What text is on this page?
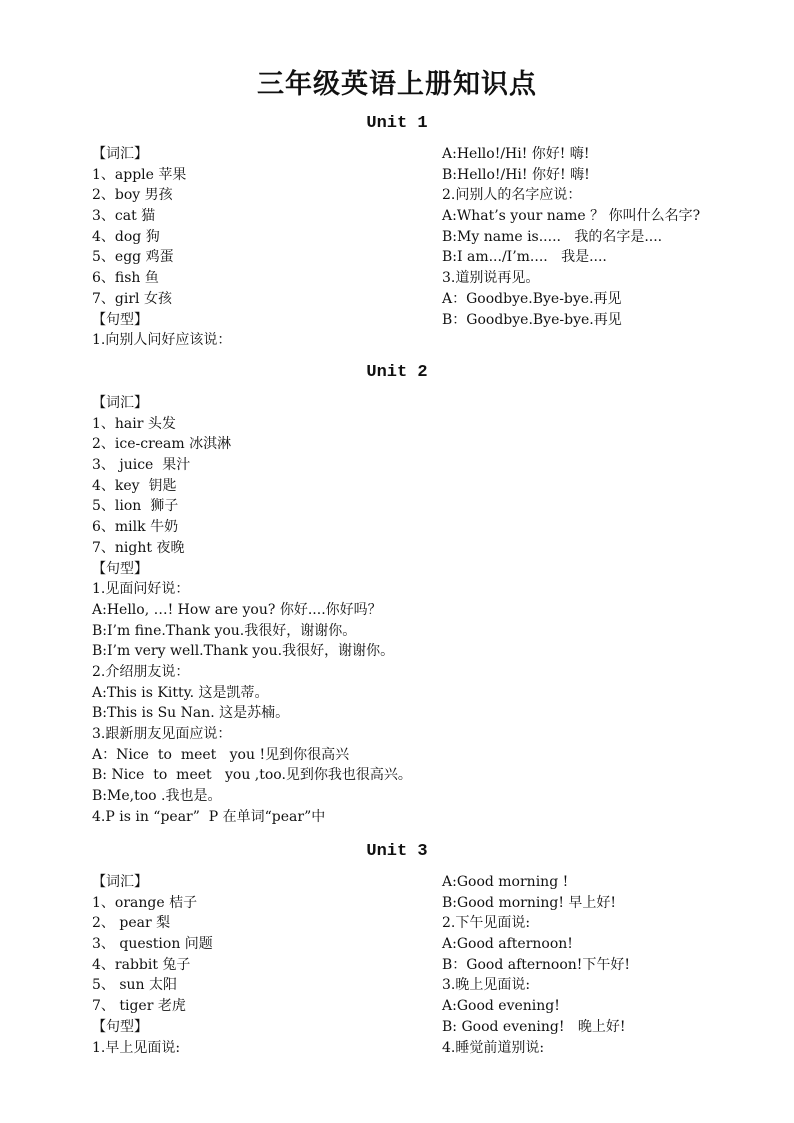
三年级英语上册知识点
Unit 1
【词汇】
1、apple 苹果
2、boy 男孩
3、cat 猫
4、dog 狗
5、egg 鸡蛋
6、fish 鱼
7、girl 女孩
【句型】
1.向别人问好应该说：
A:Hello!/Hi! 你好! 嗨!
B:Hello!/Hi! 你好! 嗨!
2.问别人的名字应说：
A:What’s your name ？ 你叫什么名字?
B:My name is.....   我的名字是....
B:I am.../I’m....   我是....
3.道别说再见。
A：Goodbye.Bye-bye.再见
B：Goodbye.Bye-bye.再见
Unit 2
【词汇】
1、hair 头发
2、ice-cream 冰淇淋
3、 juice  果汁
4、key  钥匙
5、lion  狮子
6、milk 牛奶
7、night 夜晚
【句型】
1.见面问好说：
A:Hello, …! How are you? 你好....你好吗？
B:I’m fine.Thank you.我很好，谢谢你。
B:I’m very well.Thank you.我很好，谢谢你。
2.介绍朋友说：
A:This is Kitty. 这是凯蒂。
B:This is Su Nan. 这是苏楠。
3.跟新朋友见面应说：
A：Nice  to  meet   you !见到你很高兴
B: Nice  to  meet   you ,too.见到你我也很高兴。
B:Me,too .我也是。
4.P is in “pear”  P 在单词“pear”中
Unit 3
【词汇】
1、orange 桔子
2、 pear 梨
3、 question 问题
4、rabbit 兔子
5、 sun 太阳
7、 tiger 老虎
【句型】
1.早上见面说:
A:Good morning !
B:Good morning! 早上好!
2.下午见面说:
A:Good afternoon!
B：Good afternoon!下午好!
3.晚上见面说:
A:Good evening!
B: Good evening!   晚上好!
4.睡觉前道别说:
